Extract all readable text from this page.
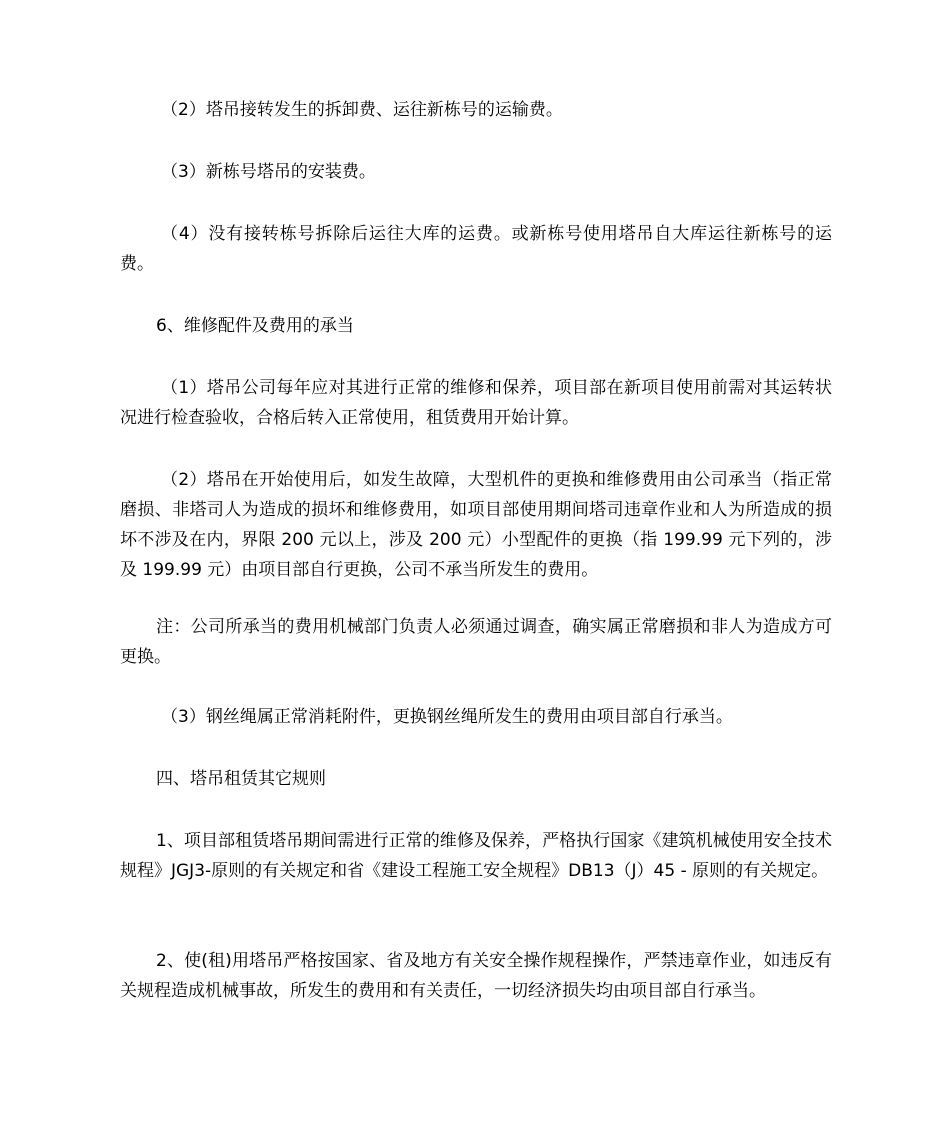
（2）塔吊接转发生的拆卸费、运往新栋号的运输费。

（3）新栋号塔吊的安装费。

（4）没有接转栋号拆除后运往大库的运费。或新栋号使用塔吊自大库运往新栋号的运费。

6、维修配件及费用的承当

（1）塔吊公司每年应对其进行正常的维修和保养，项目部在新项目使用前需对其运转状况进行检查验收，合格后转入正常使用，租赁费用开始计算。

（2）塔吊在开始使用后，如发生故障，大型机件的更换和维修费用由公司承当（指正常磨损、非塔司人为造成的损坏和维修费用，如项目部使用期间塔司违章作业和人为所造成的损坏不涉及在内，界限 200 元以上，涉及 200 元）小型配件的更换（指 199.99 元下列的，涉及 199.99 元）由项目部自行更换，公司不承当所发生的费用。

注：公司所承当的费用机械部门负责人必须通过调查，确实属正常磨损和非人为造成方可更换。

（3）钢丝绳属正常消耗附件，更换钢丝绳所发生的费用由项目部自行承当。

四、塔吊租赁其它规则

1、项目部租赁塔吊期间需进行正常的维修及保养，严格执行国家《建筑机械使用安全技术规程》JGJ3-原则的有关规定和省《建设工程施工安全规程》DB13（J）45 - 原则的有关规定。

2、使(租)用塔吊严格按国家、省及地方有关安全操作规程操作，严禁违章作业，如违反有关规程造成机械事故，所发生的费用和有关责任，一切经济损失均由项目部自行承当。
